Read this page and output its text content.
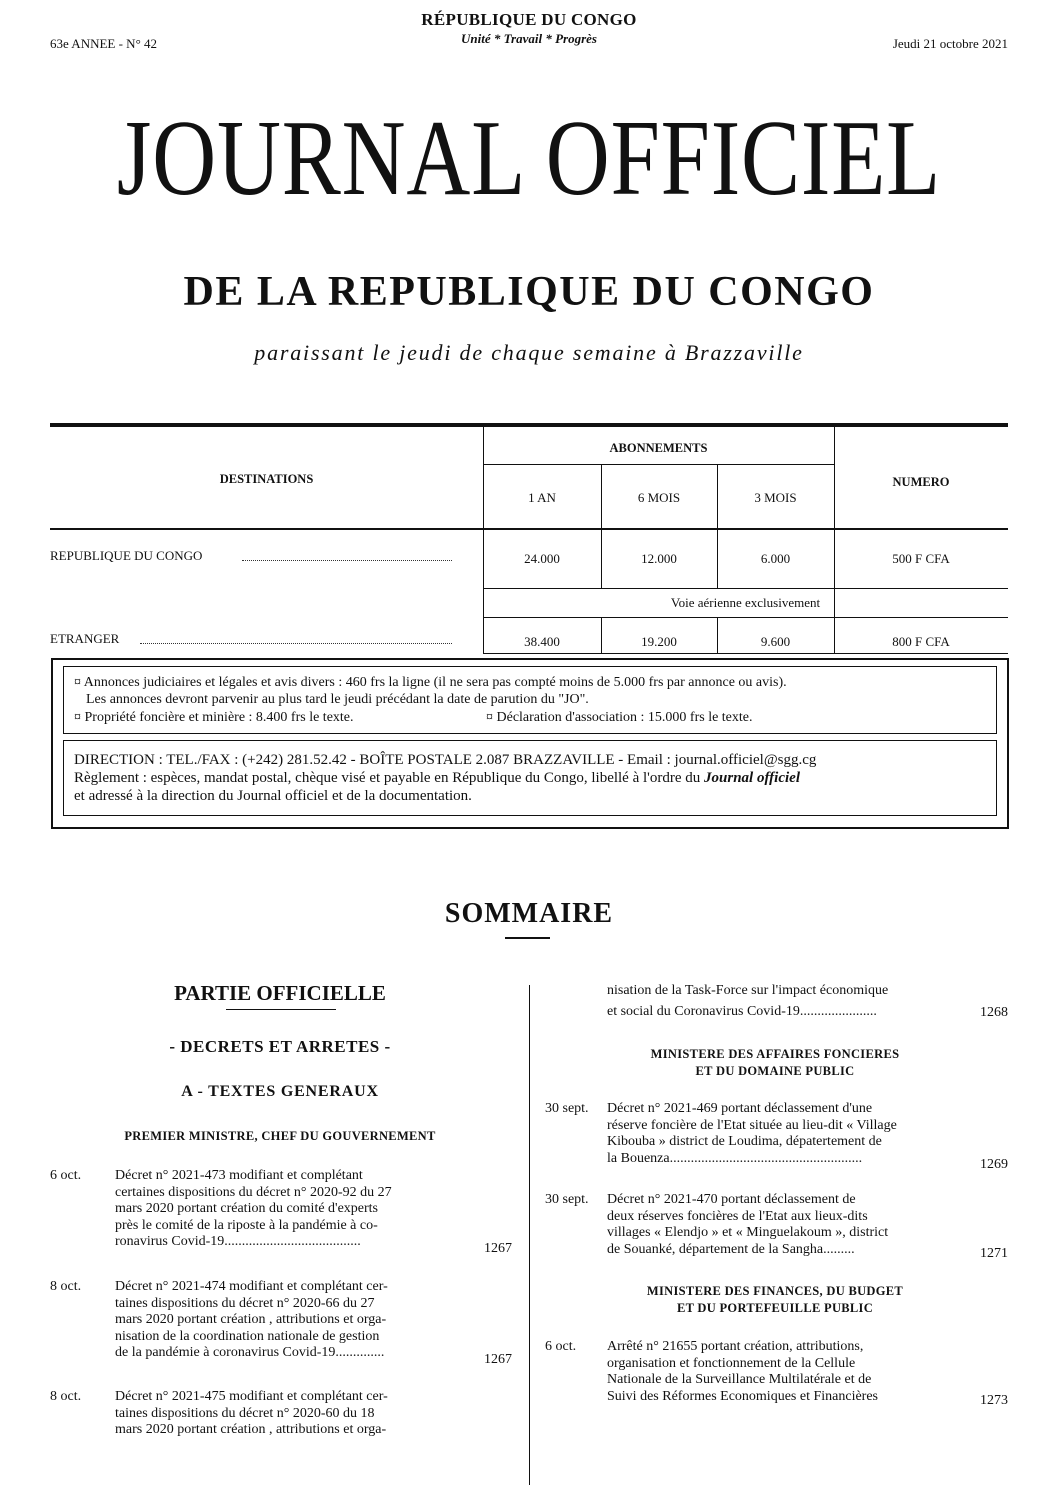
63e ANNEE - N° 42
RÉPUBLIQUE DU CONGO
Unité * Travail * Progrès	Jeudi 21 octobre 2021
JOURNAL OFFICIEL
DE LA REPUBLIQUE DU CONGO
paraissant le jeudi de chaque semaine à Brazzaville
DESTINATIONS
ABONNEMENTS
NUMERO
1 AN	6 MOIS	3 MOIS
REPUBLIQUE DU CONGO	24.000	12.000	6.000	500 F CFA
Voie aérienne exclusivement
ETRANGER	38.400	19.200	9.600	800 F CFA
¤ Annonces judiciaires et légales et avis divers : 460 frs la ligne (il ne sera pas compté moins de 5.000 frs par annonce ou avis).
Les annonces devront parvenir au plus tard le jeudi précédant la date de parution du "JO".
¤ Propriété foncière et minière : 8.400 frs le texte.	¤ Déclaration d'association : 15.000 frs le texte.
DIRECTION : TEL./FAX : (+242) 281.52.42 - BOÎTE POSTALE 2.087 BRAZZAVILLE - Email : journal.officiel@sgg.cg
Règlement : espèces, mandat postal, chèque visé et payable en République du Congo, libellé à l'ordre du Journal officiel
et adressé à la direction du Journal officiel et de la documentation.
SOMMAIRE
PARTIE OFFICIELLE
- DECRETS ET ARRETES -
A - TEXTES GENERAUX
PREMIER MINISTRE, CHEF DU GOUVERNEMENT
6 oct. Décret n° 2021-473 modifiant et complétant
certaines dispositions du décret n° 2020-92 du 27
mars 2020 portant création du comité d'experts
près le comité de la riposte à la pandémie à co-
ronavirus Covid-19.......................................	1267
8 oct. Décret n° 2021-474 modifiant et complétant cer-
taines dispositions du décret n° 2020-66 du 27
mars 2020 portant création , attributions et orga-
nisation de la coordination nationale de gestion
de la pandémie à coronavirus Covid-19..............	1267
8 oct. Décret n° 2021-475 modifiant et complétant cer-
taines dispositions du décret n° 2020-60 du 18
mars 2020 portant création , attributions et orga-
nisation de la Task-Force sur l'impact économique
et social du Coronavirus Covid-19......................	1268
MINISTERE DES AFFAIRES FONCIERES
ET DU DOMAINE PUBLIC
30 sept. Décret n° 2021-469 portant déclassement d'une
réserve foncière de l'Etat située au lieu-dit « Village
Kibouba » district de Loudima, dépatertement de
la Bouenza.......................................................	1269
30 sept. Décret n° 2021-470 portant déclassement de
deux réserves foncières de l'Etat aux lieux-dits
villages « Elendjo » et « Minguelakoum », district
de Souanké, département de la Sangha.........	1271
MINISTERE DES FINANCES, DU BUDGET
ET DU PORTEFEUILLE PUBLIC
6 oct. Arrêté n° 21655 portant création, attributions,
organisation et fonctionnement de la Cellule
Nationale de la Surveillance Multilatérale et de
Suivi des Réformes Economiques et Financières	1273
